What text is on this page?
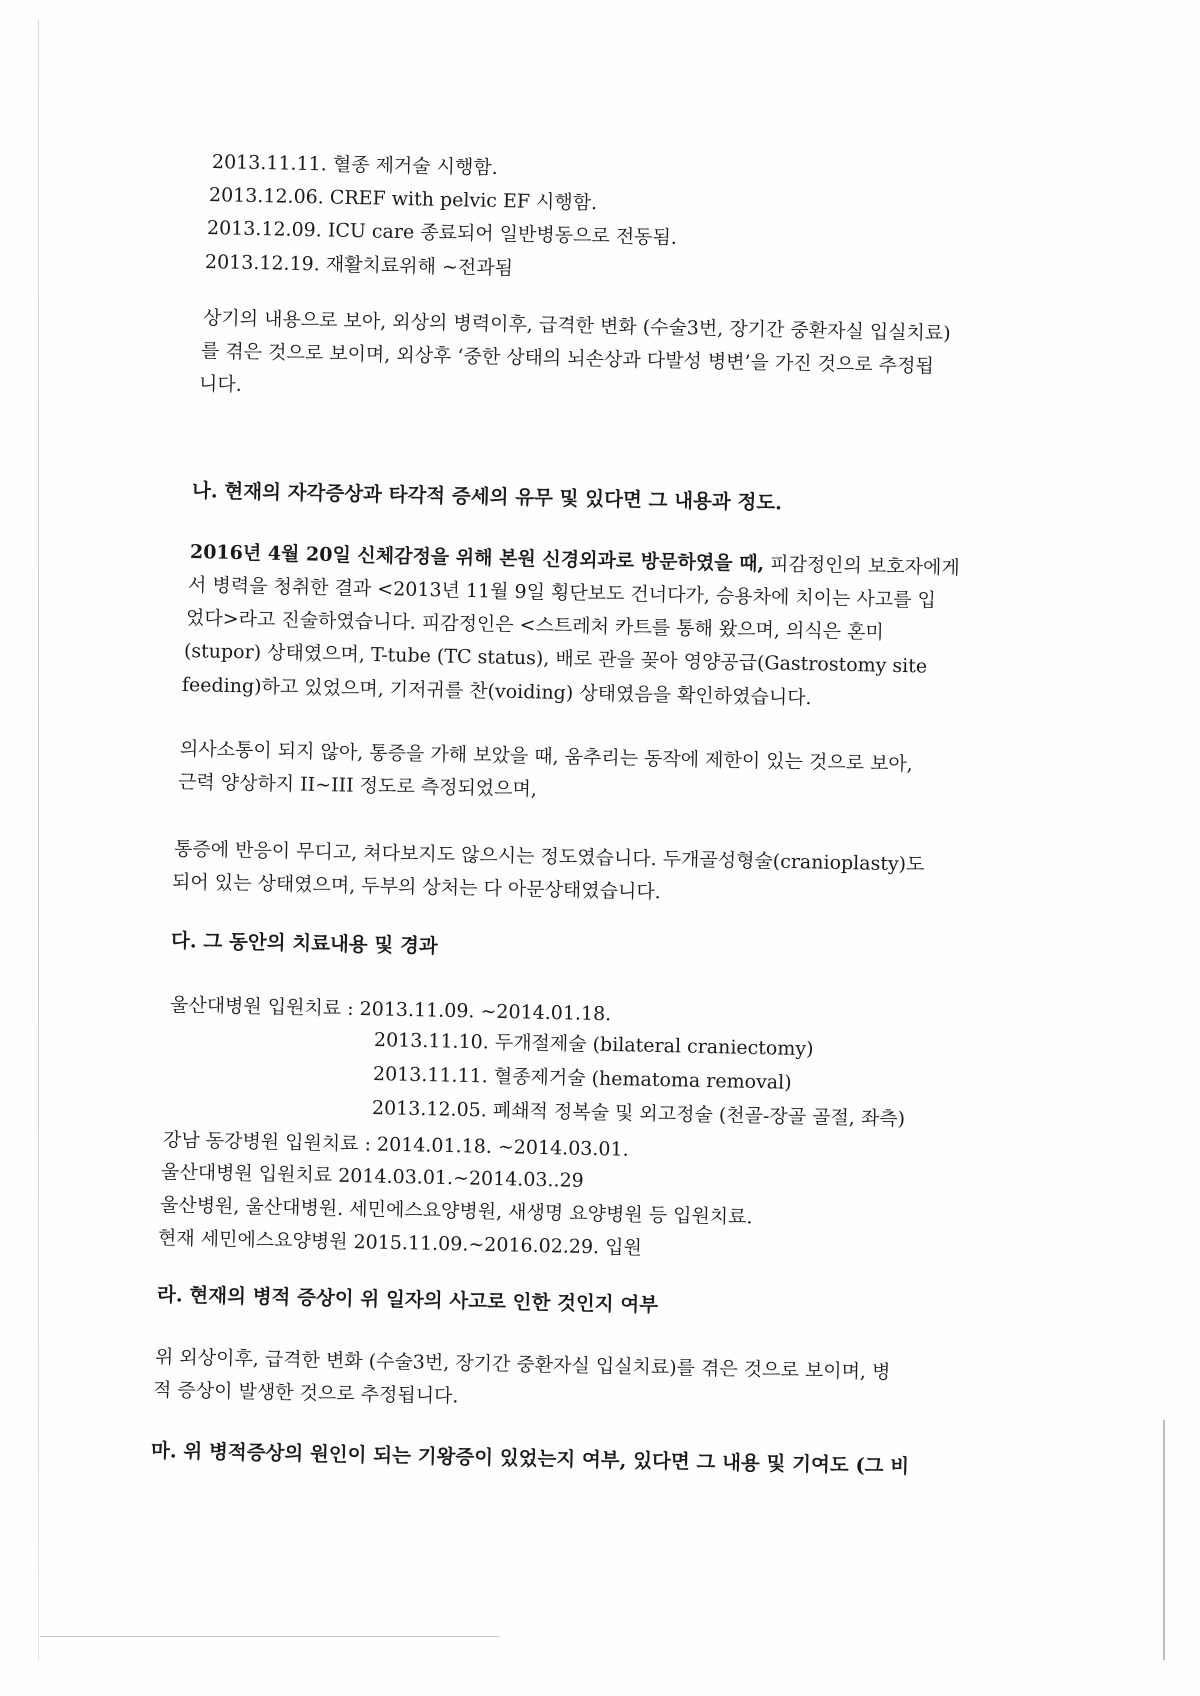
2013.11.11. 혈종 제거술 시행함.
2013.12.06. CREF with pelvic EF 시행함.
2013.12.09. ICU care 종료되어 일반병동으로 전동됨.
2013.12.19. 재활치료위해 ~전과됨
상기의 내용으로 보아, 외상의 병력이후, 급격한 변화 (수술3번, 장기간 중환자실 입실치료)
를 겪은 것으로 보이며, 외상후 ‘중한 상태의 뇌손상과 다발성 병변’을 가진 것으로 추정됩
니다.
나. 현재의 자각증상과 타각적 증세의 유무 및 있다면 그 내용과 정도.
2016년 4월 20일 신체감정을 위해 본원 신경외과로 방문하였을 때, 피감정인의 보호자에게
서 병력을 청취한 결과 <2013년 11월 9일 횡단보도 건너다가, 승용차에 치이는 사고를 입
었다>라고 진술하였습니다. 피감정인은 <스트레처 카트를 통해 왔으며, 의식은 혼미
(stupor) 상태였으며, T-tube (TC status), 배로 관을 꽂아 영양공급(Gastrostomy site
feeding)하고 있었으며, 기저귀를 찬(voiding) 상태였음을 확인하였습니다.
의사소통이 되지 않아, 통증을 가해 보았을 때, 움추리는 동작에 제한이 있는 것으로 보아,
근력 양상하지 II~III 정도로 측정되었으며,
통증에 반응이 무디고, 쳐다보지도 않으시는 정도였습니다. 두개골성형술(cranioplasty)도
되어 있는 상태였으며, 두부의 상처는 다 아문상태였습니다.
다. 그 동안의 치료내용 및 경과
울산대병원 입원치료 : 2013.11.09. ~2014.01.18.
2013.11.10. 두개절제술 (bilateral craniectomy)
2013.11.11. 혈종제거술 (hematoma removal)
2013.12.05. 폐쇄적 정복술 및 외고정술 (천골-장골 골절, 좌측)
강남 동강병원 입원치료 : 2014.01.18. ~2014.03.01.
울산대병원 입원치료 2014.03.01.~2014.03..29
울산병원, 울산대병원. 세민에스요양병원, 새생명 요양병원 등 입원치료.
현재 세민에스요양병원 2015.11.09.~2016.02.29. 입원
라. 현재의 병적 증상이 위 일자의 사고로 인한 것인지 여부
위 외상이후, 급격한 변화 (수술3번, 장기간 중환자실 입실치료)를 겪은 것으로 보이며, 병
적 증상이 발생한 것으로 추정됩니다.
마. 위 병적증상의 원인이 되는 기왕증이 있었는지 여부, 있다면 그 내용 및 기여도 (그 비
